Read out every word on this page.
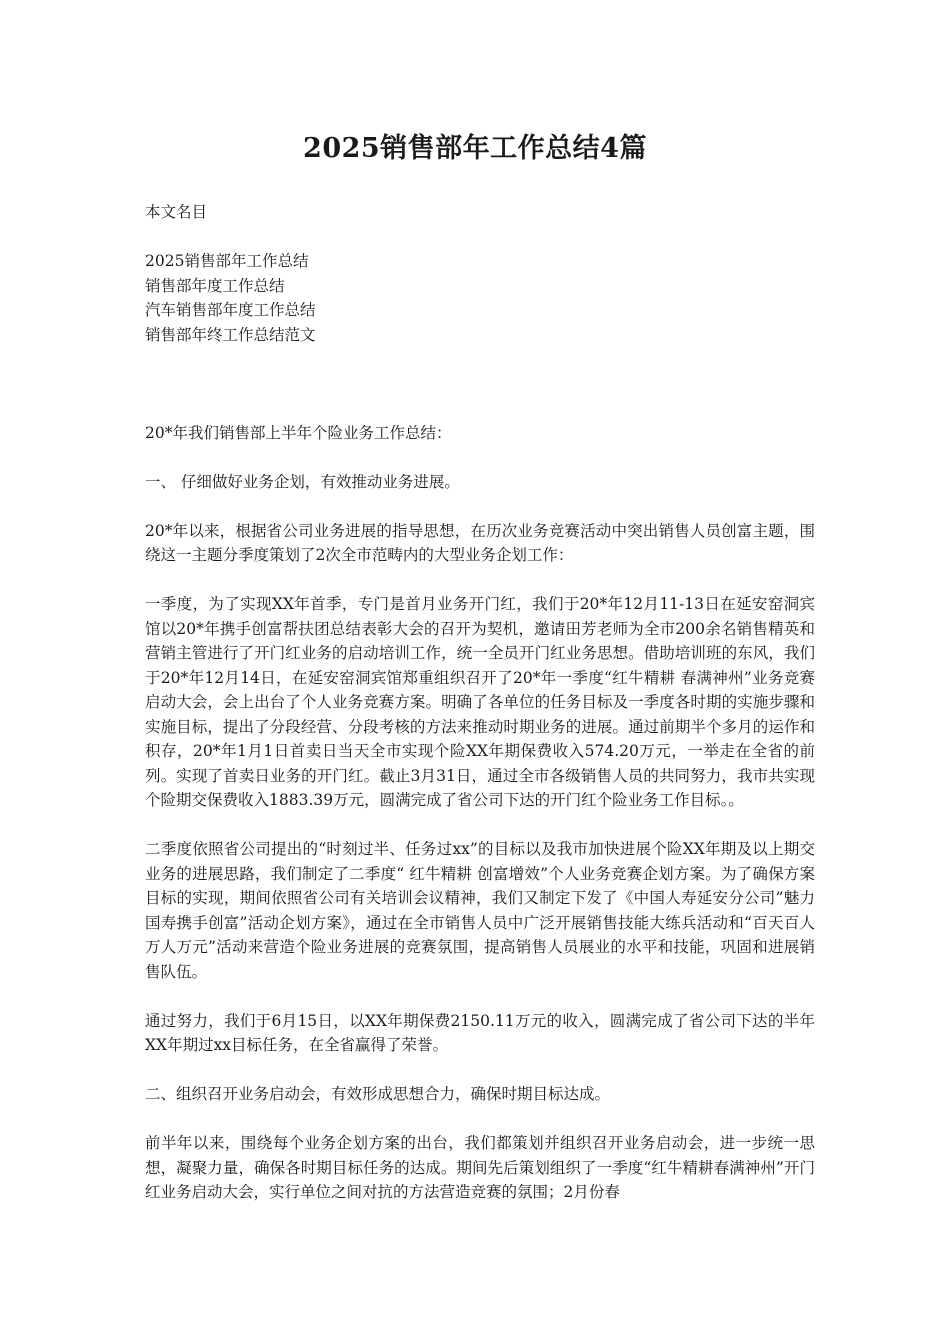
2025销售部年工作总结4篇

本文名目

2025销售部年工作总结
销售部年度工作总结
汽车销售部年度工作总结
销售部年终工作总结范文

20*年我们销售部上半年个险业务工作总结：

一、 仔细做好业务企划，有效推动业务进展。

20*年以来，根据省公司业务进展的指导思想，在历次业务竞赛活动中突出销售人员创富主题，围绕这一主题分季度策划了2次全市范畴内的大型业务企划工作：

一季度，为了实现XX年首季，专门是首月业务开门红，我们于20*年12月11-13日在延安窑洞宾馆以20*年携手创富帮扶团总结表彰大会的召开为契机，邀请田芳老师为全市200余名销售精英和营销主管进行了开门红业务的启动培训工作，统一全员开门红业务思想。借助培训班的东风，我们于20*年12月14日，在延安窑洞宾馆郑重组织召开了20*年一季度“红牛精耕 春满神州”业务竞赛启动大会，会上出台了个人业务竞赛方案。明确了各单位的任务目标及一季度各时期的实施步骤和实施目标，提出了分段经营、分段考核的方法来推动时期业务的进展。通过前期半个多月的运作和积存，20*年1月1日首卖日当天全市实现个险XX年期保费收入574.20万元，一举走在全省的前列。实现了首卖日业务的开门红。截止3月31日，通过全市各级销售人员的共同努力，我市共实现个险期交保费收入1883.39万元，圆满完成了省公司下达的开门红个险业务工作目标。。

二季度依照省公司提出的“时刻过半、任务过xx”的目标以及我市加快进展个险XX年期及以上期交业务的进展思路，我们制定了二季度“ 红牛精耕 创富增效”个人业务竞赛企划方案。为了确保方案目标的实现，期间依照省公司有关培训会议精神，我们又制定下发了《中国人寿延安分公司”魅力国寿携手创富”活动企划方案》，通过在全市销售人员中广泛开展销售技能大练兵活动和“百天百人 万人万元”活动来营造个险业务进展的竞赛氛围，提高销售人员展业的水平和技能，巩固和进展销售队伍。

通过努力，我们于6月15日，以XX年期保费2150.11万元的收入，圆满完成了省公司下达的半年XX年期过xx目标任务，在全省赢得了荣誉。

二、组织召开业务启动会，有效形成思想合力，确保时期目标达成。

前半年以来，围绕每个业务企划方案的出台，我们都策划并组织召开业务启动会，进一步统一思想，凝聚力量，确保各时期目标任务的达成。期间先后策划组织了一季度“红牛精耕春满神州”开门红业务启动大会，实行单位之间对抗的方法营造竞赛的氛围；2月份春
